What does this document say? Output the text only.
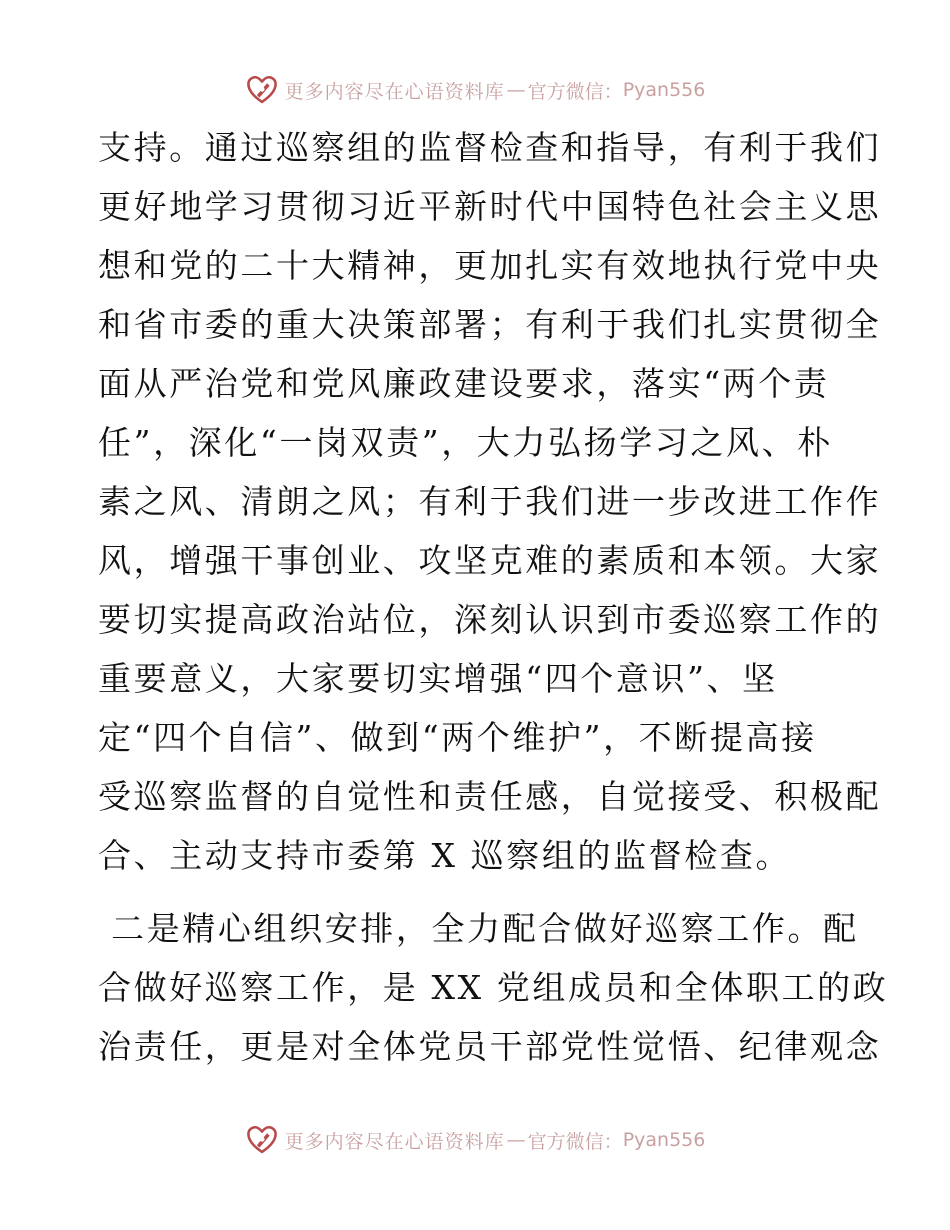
更多内容尽在心语资料库 — 官方微信： Pyan556
支持。通过巡察组的监督检查和指导，有利于我们
更好地学习贯彻习近平新时代中国特色社会主义思
想和党的二十大精神，更加扎实有效地执行党中央
和省市委的重大决策部署；有利于我们扎实贯彻全
面从严治党和党风廉政建设要求，落实“两个责
任”，深化“一岗双责”，大力弘扬学习之风、朴
素之风、清朗之风；有利于我们进一步改进工作作
风，增强干事创业、攻坚克难的素质和本领。大家
要切实提高政治站位，深刻认识到市委巡察工作的
重要意义，大家要切实增强“四个意识”、坚
定“四个自信”、做到“两个维护”，不断提高接
受巡察监督的自觉性和责任感，自觉接受、积极配
合、主动支持市委第 X 巡察组的监督检查。
二是精心组织安排，全力配合做好巡察工作。配
合做好巡察工作，是 XX 党组成员和全体职工的政
治责任，更是对全体党员干部党性觉悟、纪律观念
更多内容尽在心语资料库 — 官方微信： Pyan556
